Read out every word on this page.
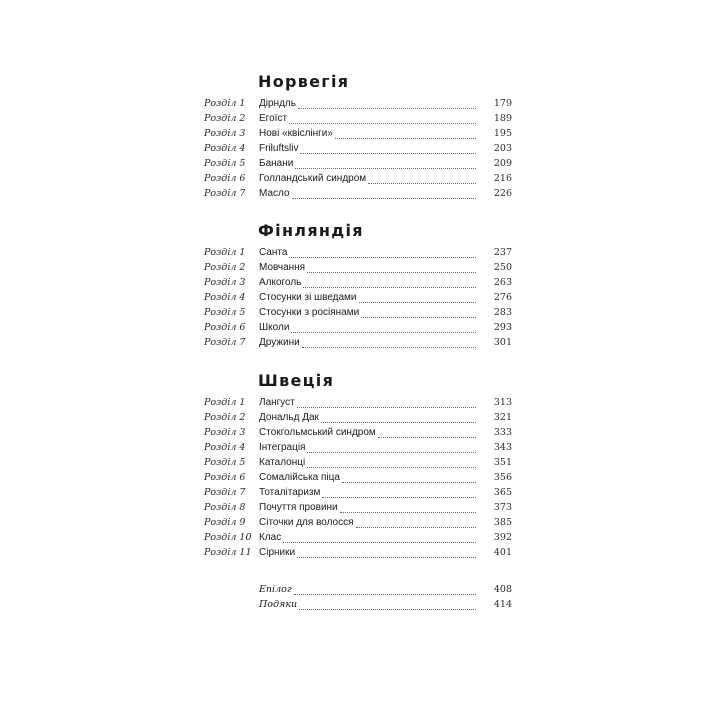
Норвегія
Розділ 1	Дірндль	179
Розділ 2	Егоїст	189
Розділ 3	Нові «квіслінги»	195
Розділ 4	Friluftsliv	203
Розділ 5	Банани	209
Розділ 6	Голландський синдром	216
Розділ 7	Масло	226
Фінляндія
Розділ 1	Санта	237
Розділ 2	Мовчання	250
Розділ 3	Алкоголь	263
Розділ 4	Стосунки зі шведами	276
Розділ 5	Стосунки з росіянами	283
Розділ 6	Школи	293
Розділ 7	Дружини	301
Швеція
Розділ 1	Лангуст	313
Розділ 2	Дональд Дак	321
Розділ 3	Стокгольмський синдром	333
Розділ 4	Інтеграція	343
Розділ 5	Каталонці	351
Розділ 6	Сомалійська піца	356
Розділ 7	Тоталітаризм	365
Розділ 8	Почуття провини	373
Розділ 9	Сіточки для волосся	385
Розділ 10 Клас	392
Розділ 11 Сірники	401
Епілог	408
Подяки	414
